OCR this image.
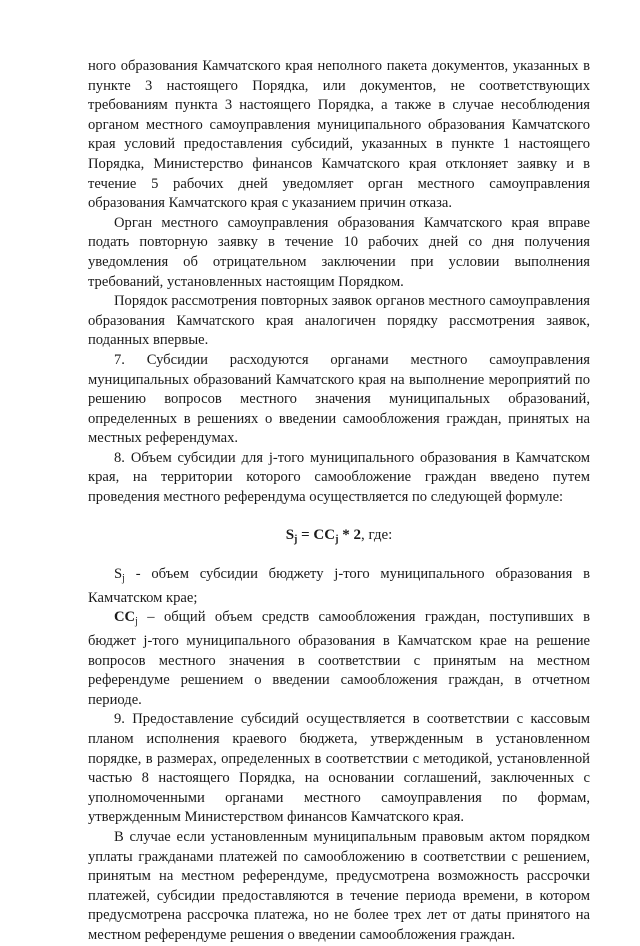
ного образования Камчатского края неполного пакета документов, указанных в пункте 3 настоящего Порядка, или документов, не соответствующих требованиям пункта 3 настоящего Порядка, а также в случае несоблюдения органом местного самоуправления муниципального образования Камчатского края условий предоставления субсидий, указанных в пункте 1 настоящего Порядка, Министерство финансов Камчатского края отклоняет заявку и в течение 5 рабочих дней уведомляет орган местного самоуправления образования Камчатского края с указанием причин отказа.

Орган местного самоуправления образования Камчатского края вправе подать повторную заявку в течение 10 рабочих дней со дня получения уведомления об отрицательном заключении при условии выполнения требований, установленных настоящим Порядком.

Порядок рассмотрения повторных заявок органов местного самоуправления образования Камчатского края аналогичен порядку рассмотрения заявок, поданных впервые.

7. Субсидии расходуются органами местного самоуправления муниципальных образований Камчатского края на выполнение мероприятий по решению вопросов местного значения муниципальных образований, определенных в решениях о введении самообложения граждан, принятых на местных референдумах.

8. Объем субсидии для j-того муниципального образования в Камчатском края, на территории которого самообложение граждан введено путем проведения местного референдума осуществляется по следующей формуле:

$S_j = CC_j * 2$, где:

$S_j$ - объем субсидии бюджету j-того муниципального образования в Камчатском крае;

$CC_j$ – общий объем средств самообложения граждан, поступивших в бюджет j-того муниципального образования в Камчатском крае на решение вопросов местного значения в соответствии с принятым на местном референдуме решением о введении самообложения граждан, в отчетном периоде.

9. Предоставление субсидий осуществляется в соответствии с кассовым планом исполнения краевого бюджета, утвержденным в установленном порядке, в размерах, определенных в соответствии с методикой, установленной частью 8 настоящего Порядка, на основании соглашений, заключенных с уполномоченными органами местного самоуправления по формам, утвержденным Министерством финансов Камчатского края.

В случае если установленным муниципальным правовым актом порядком уплаты гражданами платежей по самообложению в соответствии с решением, принятым на местном референдуме, предусмотрена возможность рассрочки платежей, субсидии предоставляются в течение периода времени, в котором предусмотрена рассрочка платежа, но не более трех лет от даты принятого на местном референдуме решения о введении самообложения граждан.
